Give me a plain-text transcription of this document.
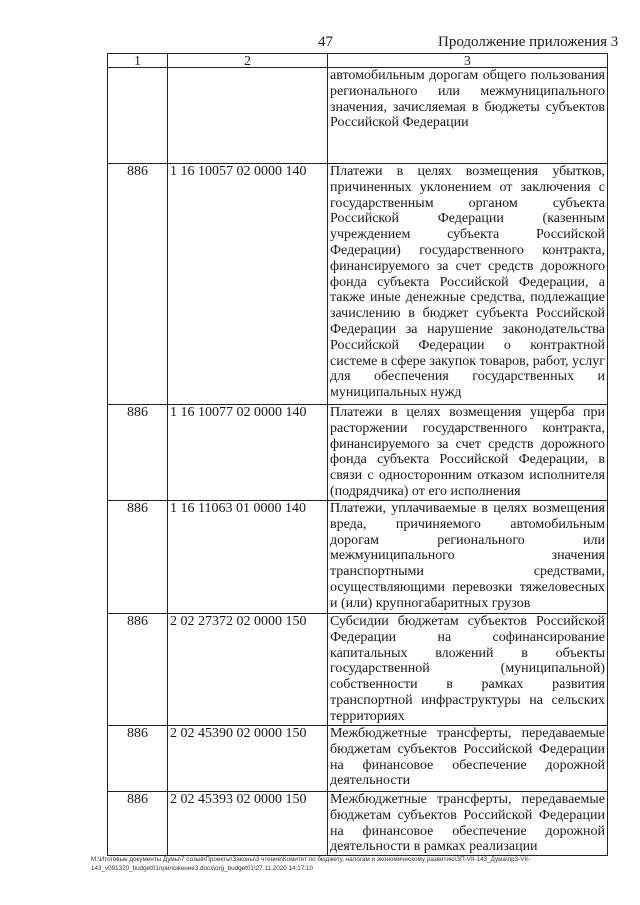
47	Продолжение приложения 3
1	2	3
		автомобильным дорогам общего пользования регионального или межмуниципального значения, зачисляемая в бюджеты субъектов Российской Федерации
886	1 16 10057 02 0000 140	Платежи в целях возмещения убытков, причиненных уклонением от заключения с государственным органом субъекта Российской Федерации (казенным учреждением субъекта Российской Федерации) государственного контракта, финансируемого за счет средств дорожного фонда субъекта Российской Федерации, а также иные денежные средства, подлежащие зачислению в бюджет субъекта Российской Федерации за нарушение законодательства Российской Федерации о контрактной системе в сфере закупок товаров, работ, услуг для обеспечения государственных и муниципальных нужд
886	1 16 10077 02 0000 140	Платежи в целях возмещения ущерба при расторжении государственного контракта, финансируемого за счет средств дорожного фонда субъекта Российской Федерации, в связи с односторонним отказом исполнителя (подрядчика) от его исполнения
886	1 16 11063 01 0000 140	Платежи, уплачиваемые в целях возмещения вреда, причиняемого автомобильным дорогам регионального или межмуниципального значения транспортными средствами, осуществляющими перевозки тяжеловесных и (или) крупногабаритных грузов
886	2 02 27372 02 0000 150	Субсидии бюджетам субъектов Российской Федерации на софинансирование капитальных вложений в объекты государственной (муниципальной) собственности в рамках развития транспортной инфраструктуры на сельских территориях
886	2 02 45390 02 0000 150	Межбюджетные трансферты, передаваемые бюджетам субъектов Российской Федерации на финансовое обеспечение дорожной деятельности
886	2 02 45393 02 0000 150	Межбюджетные трансферты, передаваемые бюджетам субъектов Российской Федерации на финансовое обеспечение дорожной деятельности в рамках реализации
M:\Итоговые документы Думы\7 созыв\Проекты\Законы\3 чтение\Комитет по бюджету, налогам и экономическому развитию\ЗП-VII-143_Дума\пр3-VII-143_v091320_budget01приложение3.docx\org_budget01\27.11.2020 14:17:10
